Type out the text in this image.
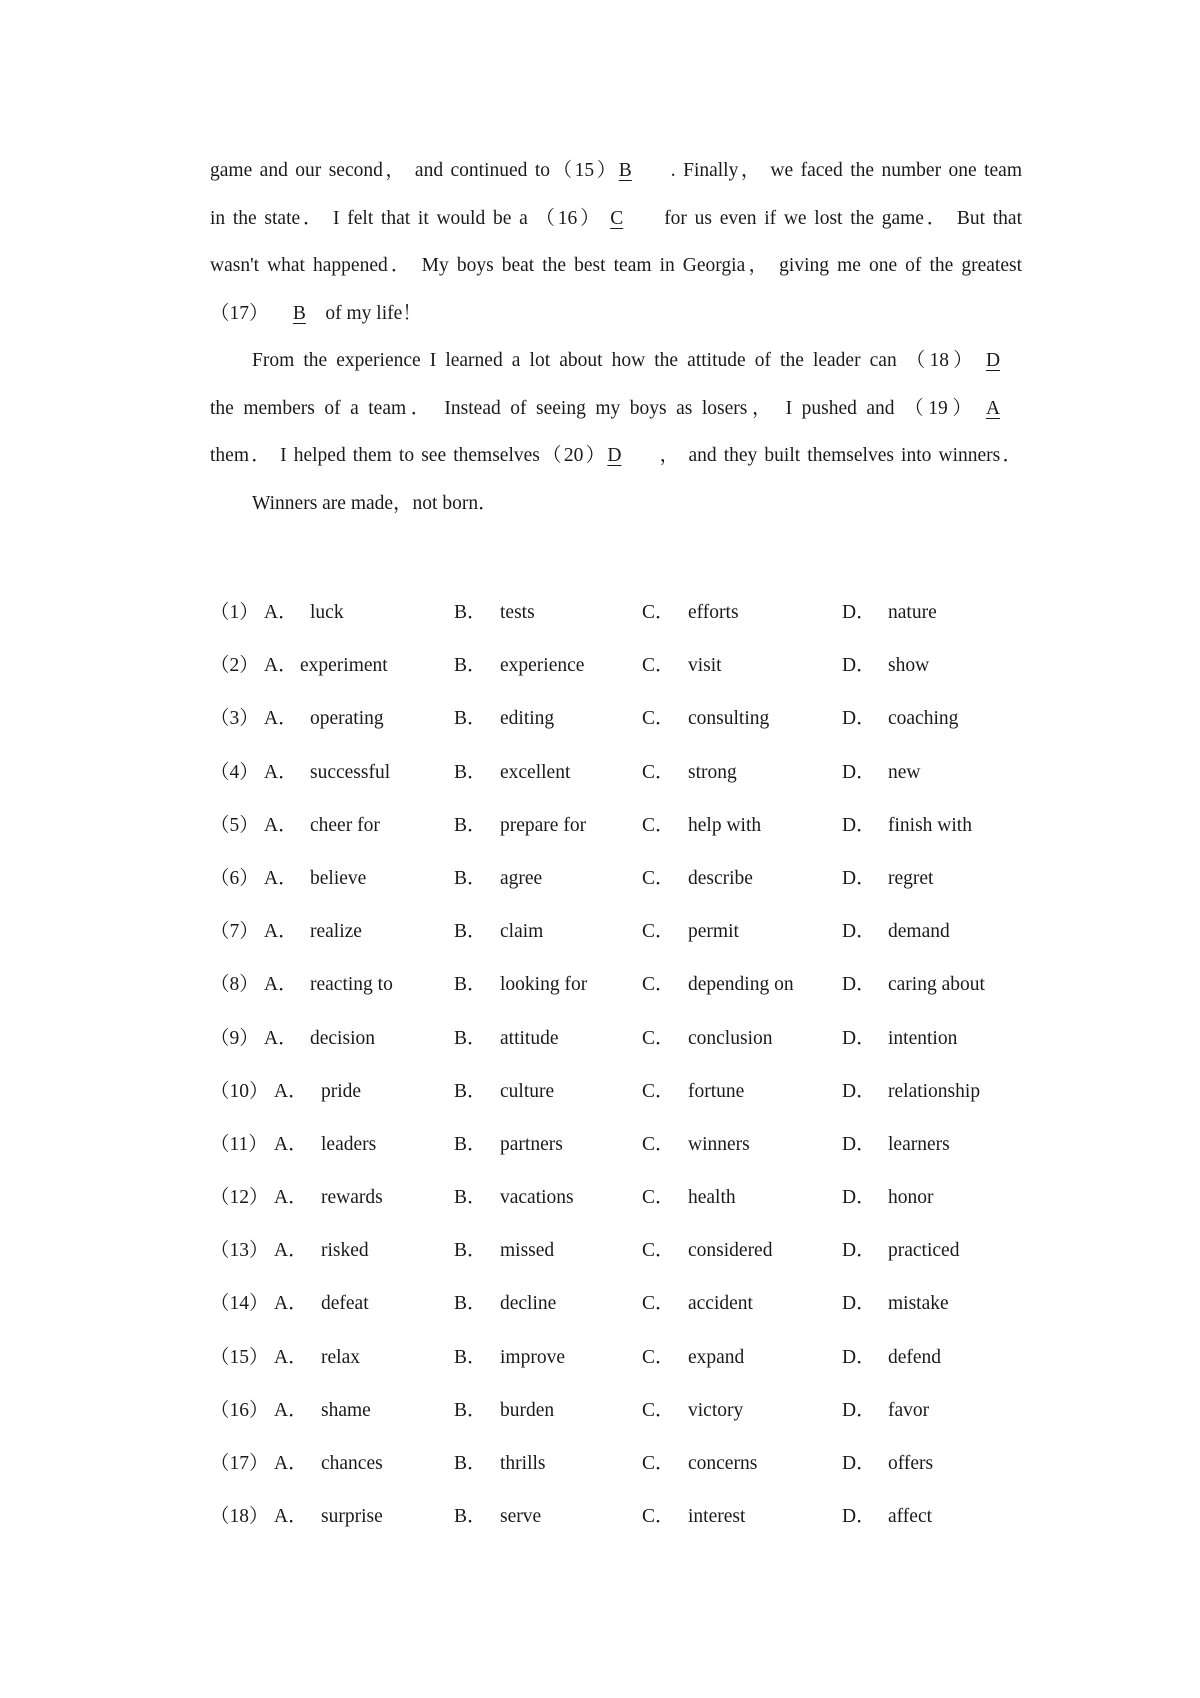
game and our second， and continued to（15）B . Finally， we faced the number one team
in the state． I felt that it would be a （16） C for us even if we lost the game． But that
wasn't what happened． My boys beat the best team in Georgia， giving me one of the greatest
（17） B of my life！
From the experience I learned a lot about how the attitude of the leader can （18） D
the members of a team． Instead of seeing my boys as losers， I pushed and （19） A
them． I helped them to see themselves（20）D ， and they built themselves into winners．
Winners are made，not born．
（1） A． luck	B． tests	C． efforts	D． nature
（2） A． experiment	B． experience	C． visit	D． show
（3） A． operating	B． editing	C． consulting	D． coaching
（4） A． successful	B． excellent	C． strong	D． new
（5） A． cheer for	B． prepare for	C． help with	D． finish with
（6） A． believe	B． agree	C． describe	D． regret
（7） A． realize	B． claim	C． permit	D． demand
（8） A． reacting to	B． looking for	C． depending on D． caring about
（9） A． decision	B． attitude	C． conclusion	D． intention
（10） A． pride	B． culture	C． fortune	D． relationship
（11） A． leaders	B． partners	C． winners	D． learners
（12） A． rewards	B． vacations	C． health	D． honor
（13） A． risked	B． missed	C． considered	D． practiced
（14） A． defeat	B． decline	C． accident	D． mistake
（15） A． relax	B． improve	C． expand	D． defend
（16） A． shame	B． burden	C． victory	D． favor
（17） A． chances	B． thrills	C． concerns	D． offers
（18） A． surprise	B． serve	C． interest	D． affect
